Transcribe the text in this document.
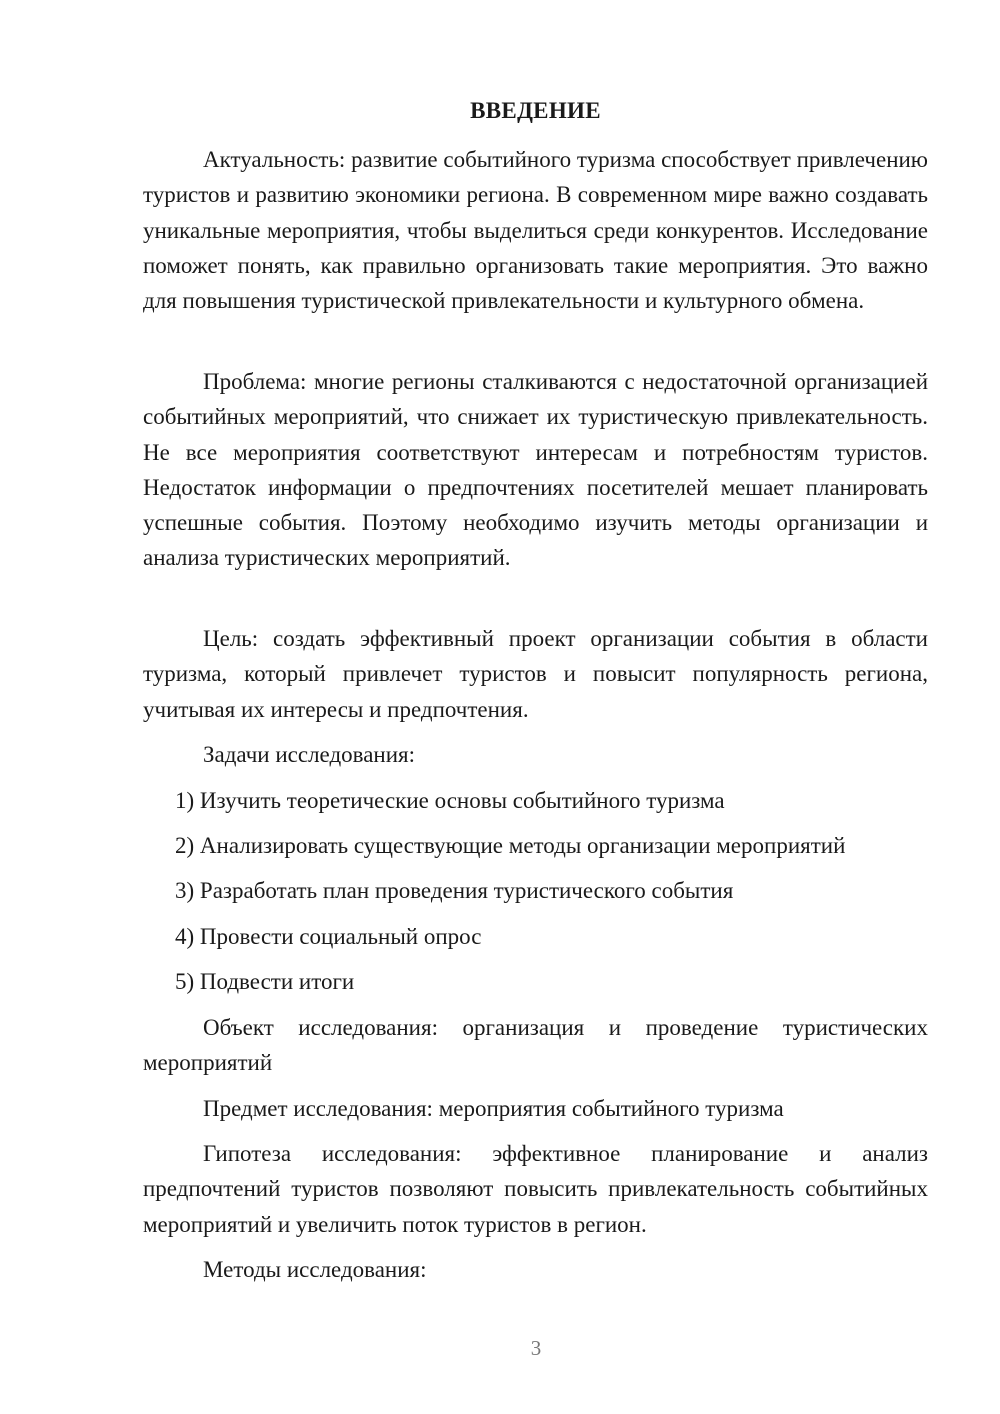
ВВЕДЕНИЕ

Актуальность: развитие событийного туризма способствует привлечению туристов и развитию экономики региона. В современном мире важно создавать уникальные мероприятия, чтобы выделиться среди конкурентов. Исследование поможет понять, как правильно организовать такие мероприятия. Это важно для повышения туристической привлекательности и культурного обмена.

Проблема: многие регионы сталкиваются с недостаточной организацией событийных мероприятий, что снижает их туристическую привлекательность. Не все мероприятия соответствуют интересам и потребностям туристов. Недостаток информации о предпочтениях посетителей мешает планировать успешные события. Поэтому необходимо изучить методы организации и анализа туристических мероприятий.

Цель: создать эффективный проект организации события в области туризма, который привлечет туристов и повысит популярность региона, учитывая их интересы и предпочтения.

Задачи исследования:

1) Изучить теоретические основы событийного туризма

2) Анализировать существующие методы организации мероприятий

3) Разработать план проведения туристического события

4) Провести социальный опрос

5) Подвести итоги

Объект исследования: организация и проведение туристических мероприятий

Предмет исследования: мероприятия событийного туризма

Гипотеза исследования: эффективное планирование и анализ предпочтений туристов позволяют повысить привлекательность событийных мероприятий и увеличить поток туристов в регион.

Методы исследования:

3
